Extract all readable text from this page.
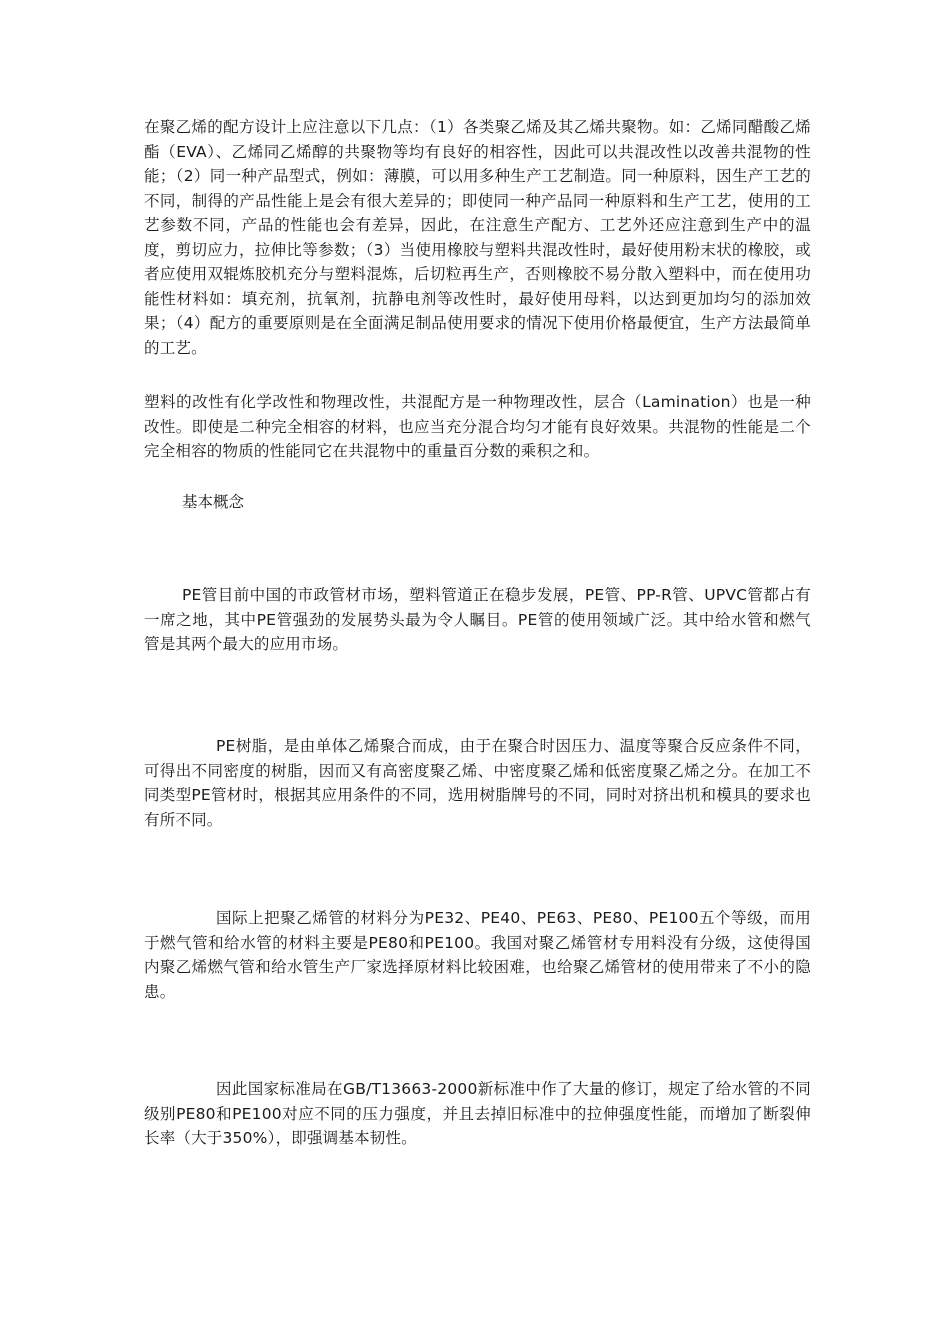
在聚乙烯的配方设计上应注意以下几点：（1）各类聚乙烯及其乙烯共聚物。如：乙烯同醋酸乙烯酯（EVA）、乙烯同乙烯醇的共聚物等均有良好的相容性，因此可以共混改性以改善共混物的性能；（2）同一种产品型式，例如：薄膜，可以用多种生产工艺制造。同一种原料，因生产工艺的不同，制得的产品性能上是会有很大差异的；即使同一种产品同一种原料和生产工艺，使用的工艺参数不同，产品的性能也会有差异，因此，在注意生产配方、工艺外还应注意到生产中的温度，剪切应力，拉伸比等参数；（3）当使用橡胶与塑料共混改性时，最好使用粉末状的橡胶，或者应使用双辊炼胶机充分与塑料混炼，后切粒再生产，否则橡胶不易分散入塑料中，而在使用功能性材料如：填充剂，抗氧剂，抗静电剂等改性时，最好使用母料，以达到更加均匀的添加效果；（4）配方的重要原则是在全面满足制品使用要求的情况下使用价格最便宜，生产方法最简单的工艺。

塑料的改性有化学改性和物理改性，共混配方是一种物理改性，层合（Lamination）也是一种改性。即使是二种完全相容的材料，也应当充分混合均匀才能有良好效果。共混物的性能是二个完全相容的物质的性能同它在共混物中的重量百分数的乘积之和。

基本概念

PE管目前中国的市政管材市场，塑料管道正在稳步发展，PE管、PP-R管、UPVC管都占有一席之地，其中PE管强劲的发展势头最为令人瞩目。PE管的使用领域广泛。其中给水管和燃气管是其两个最大的应用市场。

PE树脂，是由单体乙烯聚合而成，由于在聚合时因压力、温度等聚合反应条件不同，可得出不同密度的树脂，因而又有高密度聚乙烯、中密度聚乙烯和低密度聚乙烯之分。在加工不同类型PE管材时，根据其应用条件的不同，选用树脂牌号的不同，同时对挤出机和模具的要求也有所不同。

国际上把聚乙烯管的材料分为PE32、PE40、PE63、PE80、PE100五个等级，而用于燃气管和给水管的材料主要是PE80和PE100。我国对聚乙烯管材专用料没有分级，这使得国内聚乙烯燃气管和给水管生产厂家选择原材料比较困难，也给聚乙烯管材的使用带来了不小的隐患。

因此国家标准局在GB/T13663-2000新标准中作了大量的修订，规定了给水管的不同级别PE80和PE100对应不同的压力强度，并且去掉旧标准中的拉伸强度性能，而增加了断裂伸长率（大于350%），即强调基本韧性。
